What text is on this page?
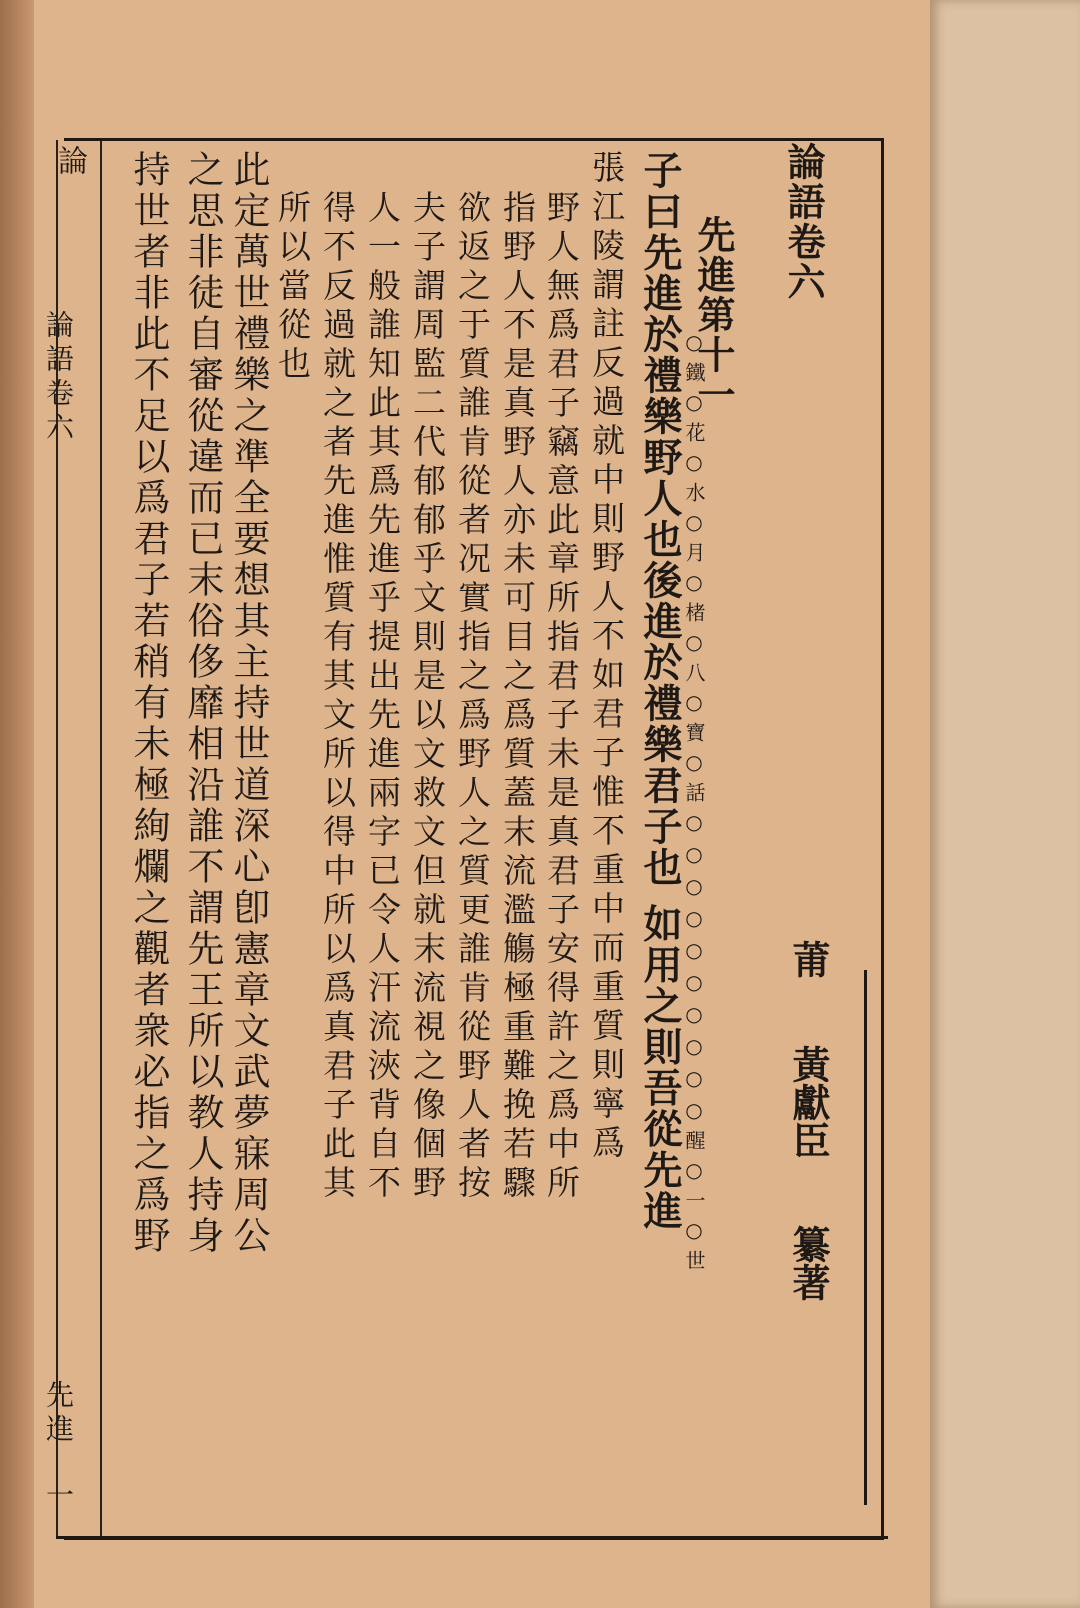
論語卷六
莆
黃獻臣
纂著
先進第十一
子曰先進於禮樂野人也後進於禮樂君子也 如用之則吾從先進 ○鐵○花○水○月○楮○八○寶○話○○○○○○○○○○醒○一○世
張江陵謂註反過就中則野人不如君子惟不重中而重質則寧爲
野人無爲君子竊意此章所指君子未是真君子安得許之爲中所
指野人不是真野人亦未可目之爲質蓋末流濫觴極重難挽若驟
欲返之于質誰肯從者况實指之爲野人之質更誰肯從野人者按
夫子謂周監二代郁郁乎文則是以文救文但就末流視之像個野
人一般誰知此其爲先進乎提出先進兩字已令人汗流浹背自不
得不反過就之者先進惟質有其文所以得中所以爲真君子此其
所以當從也
此定萬世禮樂之準全要想其主持世道深心卽憲章文武夢寐周公
之思非徒自審從違而已末俗侈靡相沿誰不謂先王所以教人持身
持世者非此不足以爲君子若稍有未極絢爛之觀者衆必指之爲野
論
論語卷六
先進
一
